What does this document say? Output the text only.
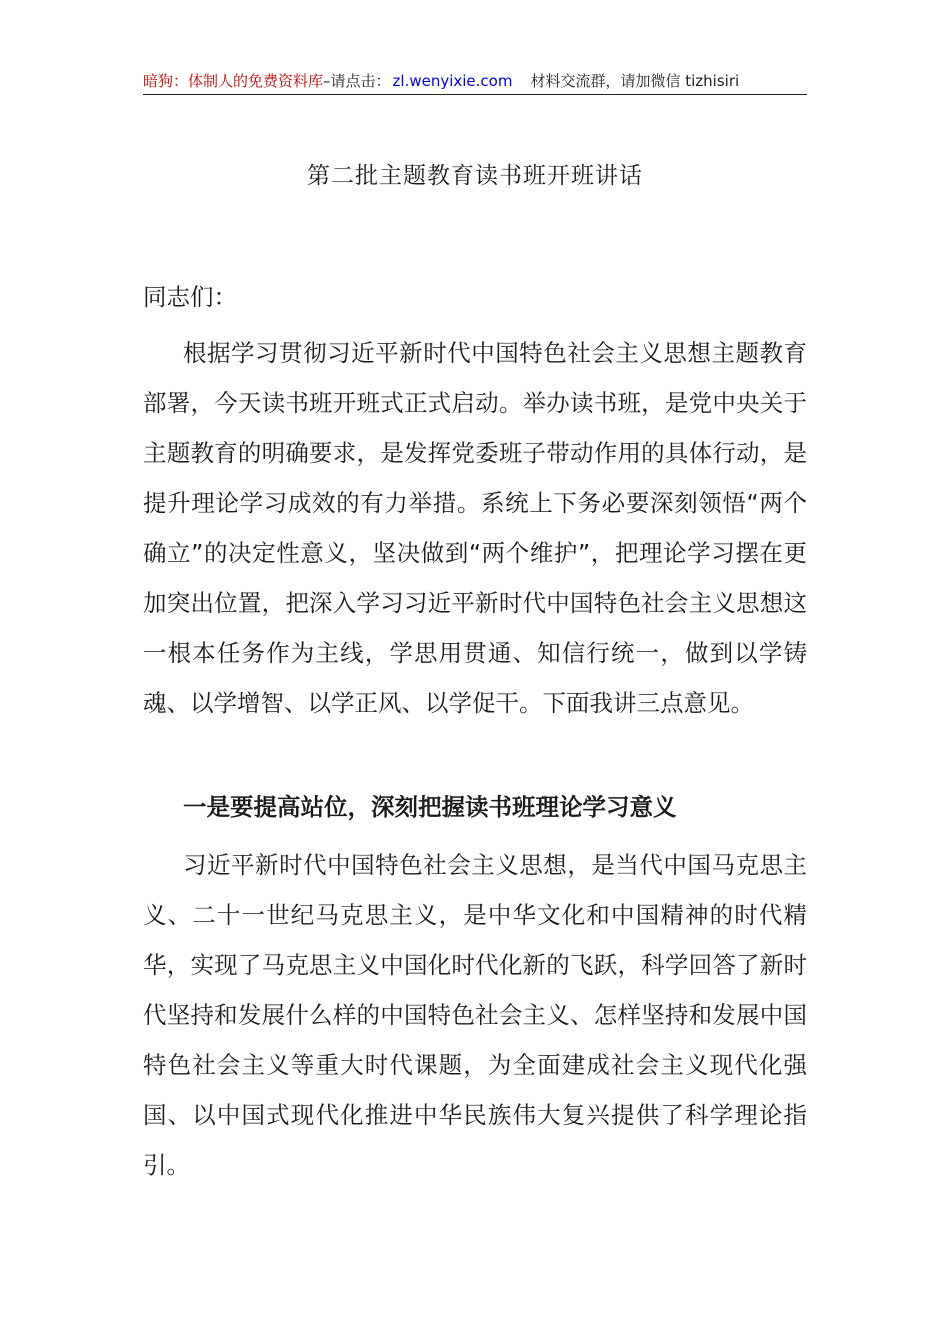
暗狗：体制人的免费资料库–请点击： zl.wenyixie.com 材料交流群，请加微信 tizhisiri
第二批主题教育读书班开班讲话

同志们：

根据学习贯彻习近平新时代中国特色社会主义思想主题教育部署，今天读书班开班式正式启动。举办读书班，是党中央关于主题教育的明确要求，是发挥党委班子带动作用的具体行动，是提升理论学习成效的有力举措。系统上下务必要深刻领悟“两个确立”的决定性意义，坚决做到“两个维护”，把理论学习摆在更加突出位置，把深入学习习近平新时代中国特色社会主义思想这一根本任务作为主线，学思用贯通、知信行统一，做到以学铸魂、以学增智、以学正风、以学促干。下面我讲三点意见。

一是要提高站位，深刻把握读书班理论学习意义

习近平新时代中国特色社会主义思想，是当代中国马克思主义、二十一世纪马克思主义，是中华文化和中国精神的时代精华，实现了马克思主义中国化时代化新的飞跃，科学回答了新时代坚持和发展什么样的中国特色社会主义、怎样坚持和发展中国特色社会主义等重大时代课题，为全面建成社会主义现代化强国、以中国式现代化推进中华民族伟大复兴提供了科学理论指引。
